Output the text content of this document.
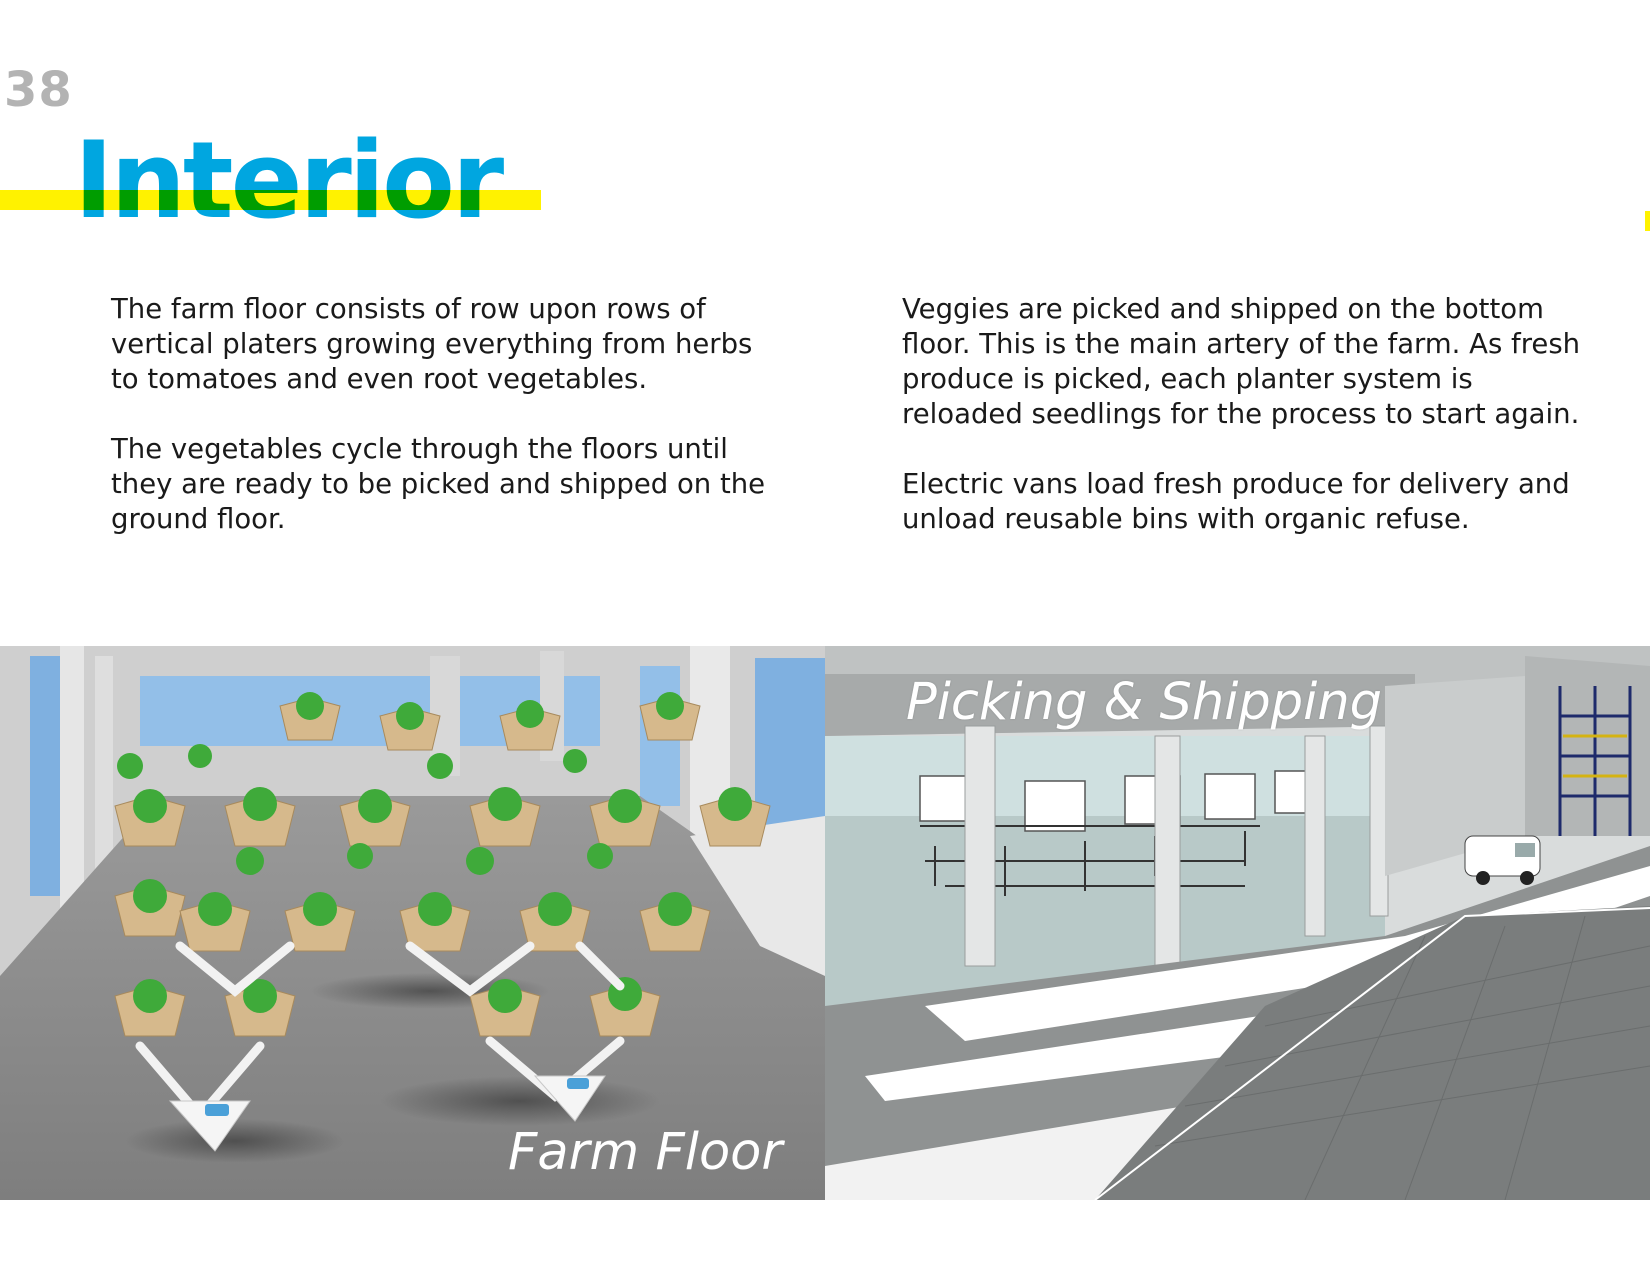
38
Interior

The farm floor consists of row upon rows of vertical platers growing everything from herbs to tomatoes and even root vegetables.

The vegetables cycle through the floors until they are ready to be picked and shipped on the ground floor.

Veggies are picked and shipped on the bottom floor. This is the main artery of the farm. As fresh produce is picked, each planter system is reloaded seedlings for the process to start again.

Electric vans load fresh produce for delivery and unload reusable bins with organic refuse.

Farm Floor
Picking & Shipping
